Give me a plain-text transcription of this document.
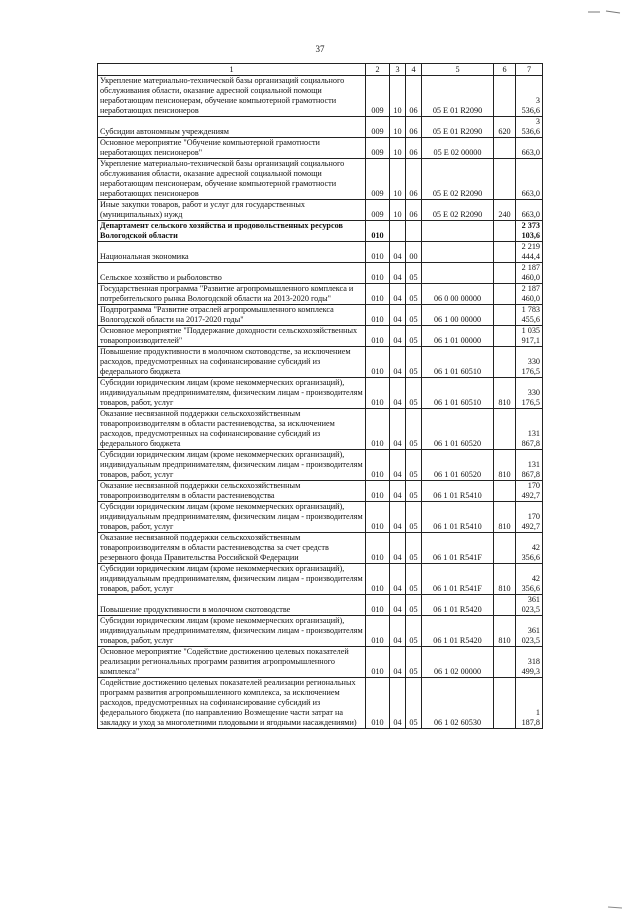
37
1	2	3	4	5	6	7
Укрепление материально-технической базы организаций социального обслуживания области, оказание адресной социальной помощи неработающим пенсионерам, обучение компьютерной грамотности неработающих пенсионеров	009	10	06	05 E 01 R2090		3 536,6
Субсидии автономным учреждениям	009	10	06	05 E 01 R2090	620	3 536,6
Основное мероприятие "Обучение компьютерной грамотности неработающих пенсионеров"	009	10	06	05 E 02 00000		663,0
Укрепление материально-технической базы организаций социального обслуживания области, оказание адресной социальной помощи неработающим пенсионерам, обучение компьютерной грамотности неработающих пенсионеров	009	10	06	05 E 02 R2090		663,0
Иные закупки товаров, работ и услуг для государственных (муниципальных) нужд	009	10	06	05 E 02 R2090	240	663,0
Департамент сельского хозяйства и продовольственных ресурсов Вологодской области	010					2 373 103,6
Национальная экономика	010	04	00			2 219 444,4
Сельское хозяйство и рыболовство	010	04	05			2 187 460,0
Государственная программа "Развитие агропромышленного комплекса и потребительского рынка Вологодской области на 2013-2020 годы"	010	04	05	06 0 00 00000		2 187 460,0
Подпрограмма "Развитие отраслей агропромышленного комплекса Вологодской области на 2017-2020 годы"	010	04	05	06 1 00 00000		1 783 455,6
Основное мероприятие "Поддержание доходности сельскохозяйственных товаропроизводителей"	010	04	05	06 1 01 00000		1 035 917,1
Повышение продуктивности в молочном скотоводстве, за исключением расходов, предусмотренных на софинансирование субсидий из федерального бюджета	010	04	05	06 1 01 60510		330 176,5
Субсидии юридическим лицам (кроме некоммерческих организаций), индивидуальным предпринимателям, физическим лицам - производителям товаров, работ, услуг	010	04	05	06 1 01 60510	810	330 176,5
Оказание несвязанной поддержки сельскохозяйственным товаропроизводителям в области растениеводства, за исключением расходов, предусмотренных на софинансирование субсидий из федерального бюджета	010	04	05	06 1 01 60520		131 867,8
Субсидии юридическим лицам (кроме некоммерческих организаций), индивидуальным предпринимателям, физическим лицам - производителям товаров, работ, услуг	010	04	05	06 1 01 60520	810	131 867,8
Оказание несвязанной поддержки сельскохозяйственным товаропроизводителям в области растениеводства	010	04	05	06 1 01 R5410		170 492,7
Субсидии юридическим лицам (кроме некоммерческих организаций), индивидуальным предпринимателям, физическим лицам - производителям товаров, работ, услуг	010	04	05	06 1 01 R5410	810	170 492,7
Оказание несвязанной поддержки сельскохозяйственным товаропроизводителям в области растениеводства за счет средств резервного фонда Правительства Российской Федерации	010	04	05	06 1 01 R541F		42 356,6
Субсидии юридическим лицам (кроме некоммерческих организаций), индивидуальным предпринимателям, физическим лицам - производителям товаров, работ, услуг	010	04	05	06 1 01 R541F	810	42 356,6
Повышение продуктивности в молочном скотоводстве	010	04	05	06 1 01 R5420		361 023,5
Субсидии юридическим лицам (кроме некоммерческих организаций), индивидуальным предпринимателям, физическим лицам - производителям товаров, работ, услуг	010	04	05	06 1 01 R5420	810	361 023,5
Основное мероприятие "Содействие достижению целевых показателей реализации региональных программ развития агропромышленного комплекса"	010	04	05	06 1 02 00000		318 499,3
Содействие достижению целевых показателей реализации региональных программ развития агропромышленного комплекса, за исключением расходов, предусмотренных на софинансирование субсидий из федерального бюджета (по направлению Возмещение части затрат на закладку и уход за многолетними плодовыми и ягодными насаждениями)	010	04	05	06 1 02 60530		1 187,8
